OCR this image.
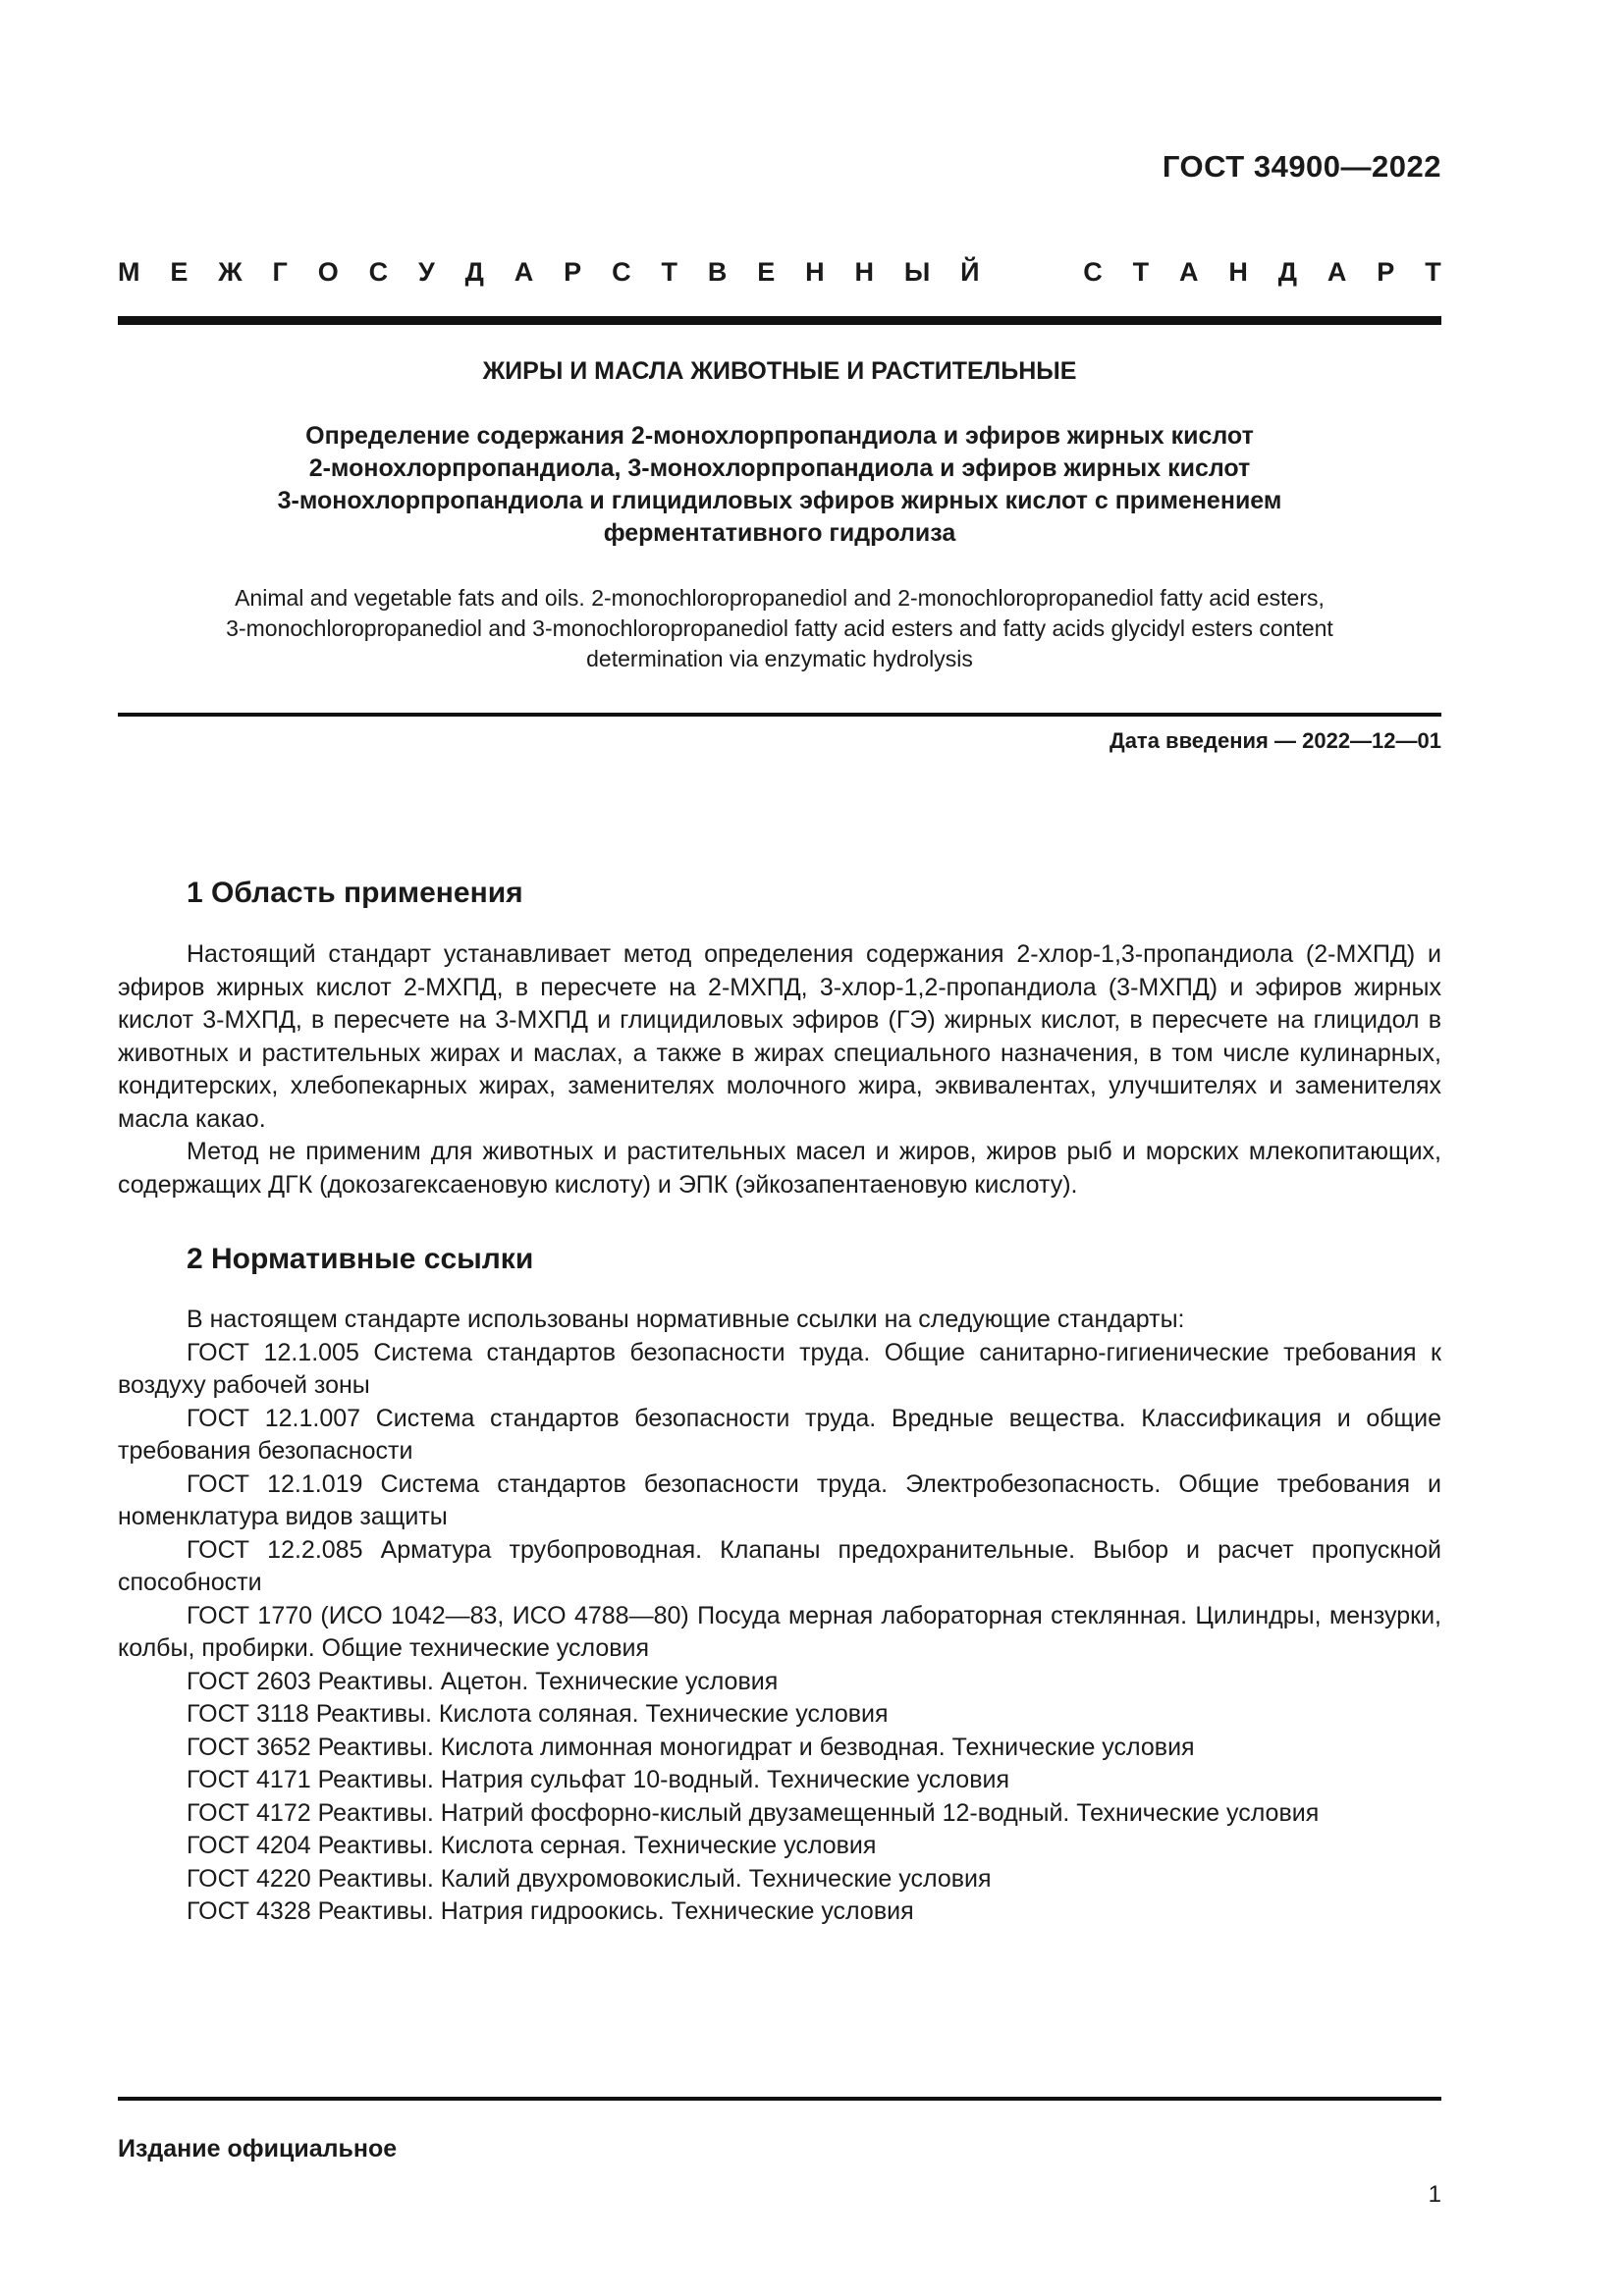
ГОСТ 34900—2022
М Е Ж Г О С У Д А Р С Т В Е Н Н Ы Й	С Т А Н Д А Р Т
ЖИРЫ И МАСЛА ЖИВОТНЫЕ И РАСТИТЕЛЬНЫЕ
Определение содержания 2-монохлорпропандиола и эфиров жирных кислот
2-монохлорпропандиола, 3-монохлорпропандиола и эфиров жирных кислот
3-монохлорпропандиола и глицидиловых эфиров жирных кислот с применением
ферментативного гидролиза
Animal and vegetable fats and oils. 2-monochloropropanediol and 2-monochloropropanediol fatty acid esters,
3-monochloropropanediol and 3-monochloropropanediol fatty acid esters and fatty acids glycidyl esters content
determination via enzymatic hydrolysis
Дата введения — 2022—12—01
1 Область применения

Настоящий стандарт устанавливает метод определения содержания 2-хлор-1,3-пропандиола (2-МХПД) и эфиров жирных кислот 2-МХПД, в пересчете на 2-МХПД, 3-хлор-1,2-пропандиола (3-МХПД) и эфиров жирных кислот 3-МХПД, в пересчете на 3-МХПД и глицидиловых эфиров (ГЭ) жирных кислот, в пересчете на глицидол в животных и растительных жирах и маслах, а также в жирах специального назначения, в том числе кулинарных, кондитерских, хлебопекарных жирах, заменителях молочного жира, эквивалентах, улучшителях и заменителях масла какао.

Метод не применим для животных и растительных масел и жиров, жиров рыб и морских млекопитающих, содержащих ДГК (докозагексаеновую кислоту) и ЭПК (эйкозапентаеновую кислоту).

2 Нормативные ссылки

В настоящем стандарте использованы нормативные ссылки на следующие стандарты:

ГОСТ 12.1.005 Система стандартов безопасности труда. Общие санитарно-гигиенические требования к воздуху рабочей зоны

ГОСТ 12.1.007 Система стандартов безопасности труда. Вредные вещества. Классификация и общие требования безопасности

ГОСТ 12.1.019 Система стандартов безопасности труда. Электробезопасность. Общие требования и номенклатура видов защиты

ГОСТ 12.2.085 Арматура трубопроводная. Клапаны предохранительные. Выбор и расчет пропускной способности

ГОСТ 1770 (ИСО 1042—83, ИСО 4788—80) Посуда мерная лабораторная стеклянная. Цилиндры, мензурки, колбы, пробирки. Общие технические условия

ГОСТ 2603 Реактивы. Ацетон. Технические условия

ГОСТ 3118 Реактивы. Кислота соляная. Технические условия

ГОСТ 3652 Реактивы. Кислота лимонная моногидрат и безводная. Технические условия

ГОСТ 4171 Реактивы. Натрия сульфат 10-водный. Технические условия

ГОСТ 4172 Реактивы. Натрий фосфорно-кислый двузамещенный 12-водный. Технические условия

ГОСТ 4204 Реактивы. Кислота серная. Технические условия

ГОСТ 4220 Реактивы. Калий двухромовокислый. Технические условия

ГОСТ 4328 Реактивы. Натрия гидроокись. Технические условия

Издание официальное
1
